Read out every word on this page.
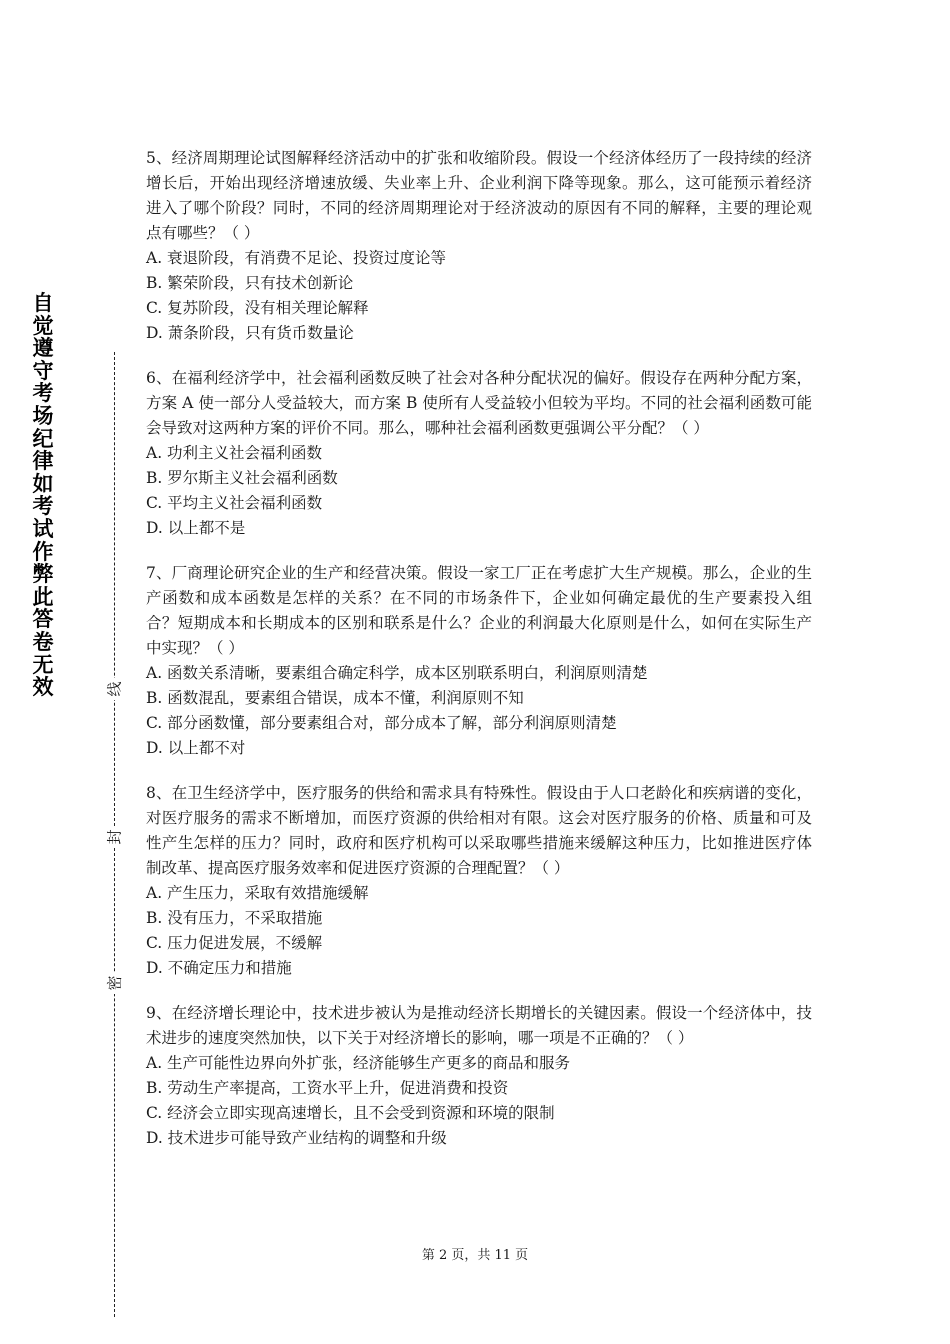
自觉遵守考场纪律如考试作弊此答卷无效	线
封
密

5、经济周期理论试图解释经济活动中的扩张和收缩阶段。假设一个经济体经历了一段持续的经济增长后，开始出现经济增速放缓、失业率上升、企业利润下降等现象。那么，这可能预示着经济进入了哪个阶段？同时，不同的经济周期理论对于经济波动的原因有不同的解释，主要的理论观点有哪些？（ ）

A. 衰退阶段，有消费不足论、投资过度论等

B. 繁荣阶段，只有技术创新论

C. 复苏阶段，没有相关理论解释

D. 萧条阶段，只有货币数量论

6、在福利经济学中，社会福利函数反映了社会对各种分配状况的偏好。假设存在两种分配方案，方案 A 使一部分人受益较大，而方案 B 使所有人受益较小但较为平均。不同的社会福利函数可能会导致对这两种方案的评价不同。那么，哪种社会福利函数更强调公平分配？（ ）

A. 功利主义社会福利函数

B. 罗尔斯主义社会福利函数

C. 平均主义社会福利函数

D. 以上都不是

7、厂商理论研究企业的生产和经营决策。假设一家工厂正在考虑扩大生产规模。那么，企业的生产函数和成本函数是怎样的关系？在不同的市场条件下，企业如何确定最优的生产要素投入组合？短期成本和长期成本的区别和联系是什么？企业的利润最大化原则是什么，如何在实际生产中实现？（ ）

A. 函数关系清晰，要素组合确定科学，成本区别联系明白，利润原则清楚

B. 函数混乱，要素组合错误，成本不懂，利润原则不知

C. 部分函数懂，部分要素组合对，部分成本了解，部分利润原则清楚

D. 以上都不对

8、在卫生经济学中，医疗服务的供给和需求具有特殊性。假设由于人口老龄化和疾病谱的变化，对医疗服务的需求不断增加，而医疗资源的供给相对有限。这会对医疗服务的价格、质量和可及性产生怎样的压力？同时，政府和医疗机构可以采取哪些措施来缓解这种压力，比如推进医疗体制改革、提高医疗服务效率和促进医疗资源的合理配置？（ ）

A. 产生压力，采取有效措施缓解

B. 没有压力，不采取措施

C. 压力促进发展，不缓解

D. 不确定压力和措施

9、在经济增长理论中，技术进步被认为是推动经济长期增长的关键因素。假设一个经济体中，技术进步的速度突然加快，以下关于对经济增长的影响，哪一项是不正确的？（ ）

A. 生产可能性边界向外扩张，经济能够生产更多的商品和服务

B. 劳动生产率提高，工资水平上升，促进消费和投资

C. 经济会立即实现高速增长，且不会受到资源和环境的限制

D. 技术进步可能导致产业结构的调整和升级

第 2 页，共 11 页
